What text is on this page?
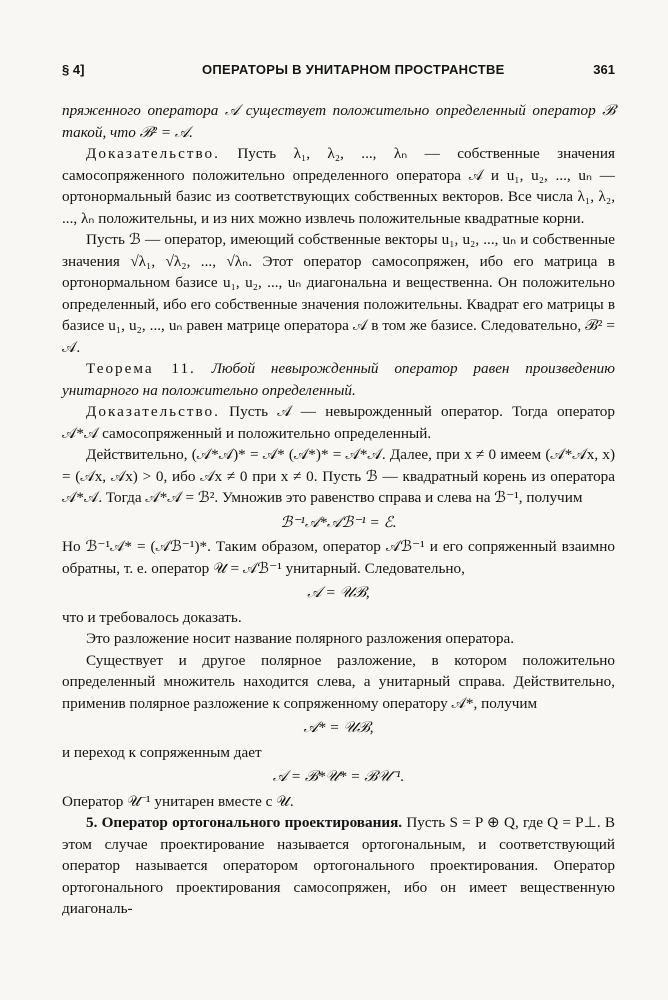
§ 4]	ОПЕРАТОРЫ В УНИТАРНОМ ПРОСТРАНСТВЕ	361

пряженного оператора 𝒜 существует положительно определенный оператор ℬ такой, что ℬ² = 𝒜.

Доказательство. Пусть λ₁, λ₂, ..., λₙ — собственные значения самосопряженного положительно определенного оператора 𝒜 и u₁, u₂, ..., uₙ — ортонормальный базис из соответствующих собственных векторов. Все числа λ₁, λ₂, ..., λₙ положительны, и из них можно извлечь положительные квадратные корни.

Пусть ℬ — оператор, имеющий собственные векторы u₁, u₂, ..., uₙ и собственные значения √λ₁, √λ₂, ..., √λₙ. Этот оператор самосопряжен, ибо его матрица в ортонормальном базисе u₁, u₂, ..., uₙ диагональна и вещественна. Он положительно определенный, ибо его собственные значения положительны. Квадрат его матрицы в базисе u₁, u₂, ..., uₙ равен матрице оператора 𝒜 в том же базисе. Следовательно, ℬ² = 𝒜.

Теорема 11. Любой невырожденный оператор равен произведению унитарного на положительно определенный.

Доказательство. Пусть 𝒜 — невырожденный оператор. Тогда оператор 𝒜*𝒜 самосопряженный и положительно определенный.

Действительно, (𝒜*𝒜)* = 𝒜* (𝒜*)* = 𝒜*𝒜. Далее, при x ≠ 0 имеем (𝒜*𝒜x, x) = (𝒜x, 𝒜x) > 0, ибо 𝒜x ≠ 0 при x ≠ 0. Пусть ℬ — квадратный корень из оператора 𝒜*𝒜. Тогда 𝒜*𝒜 = ℬ². Умножив это равенство справа и слева на ℬ⁻¹, получим

ℬ⁻¹𝒜*𝒜ℬ⁻¹ = ℰ.

Но ℬ⁻¹𝒜* = (𝒜ℬ⁻¹)*. Таким образом, оператор 𝒜ℬ⁻¹ и его сопряженный взаимно обратны, т. е. оператор 𝒰 = 𝒜ℬ⁻¹ унитарный. Следовательно,

𝒜 = 𝒰ℬ,

что и требовалось доказать.

Это разложение носит название полярного разложения оператора.

Существует и другое полярное разложение, в котором положительно определенный множитель находится слева, а унитарный справа. Действительно, применив полярное разложение к сопряженному оператору 𝒜*, получим

𝒜* = 𝒰ℬ,

и переход к сопряженным дает

𝒜 = ℬ*𝒰* = ℬ𝒰⁻¹.

Оператор 𝒰⁻¹ унитарен вместе с 𝒰.

5. Оператор ортогонального проектирования. Пусть S = P ⊕ Q, где Q = P⊥. В этом случае проектирование называется ортогональным, и соответствующий оператор называется оператором ортогонального проектирования. Оператор ортогонального проектирования самосопряжен, ибо он имеет вещественную диагональ-
